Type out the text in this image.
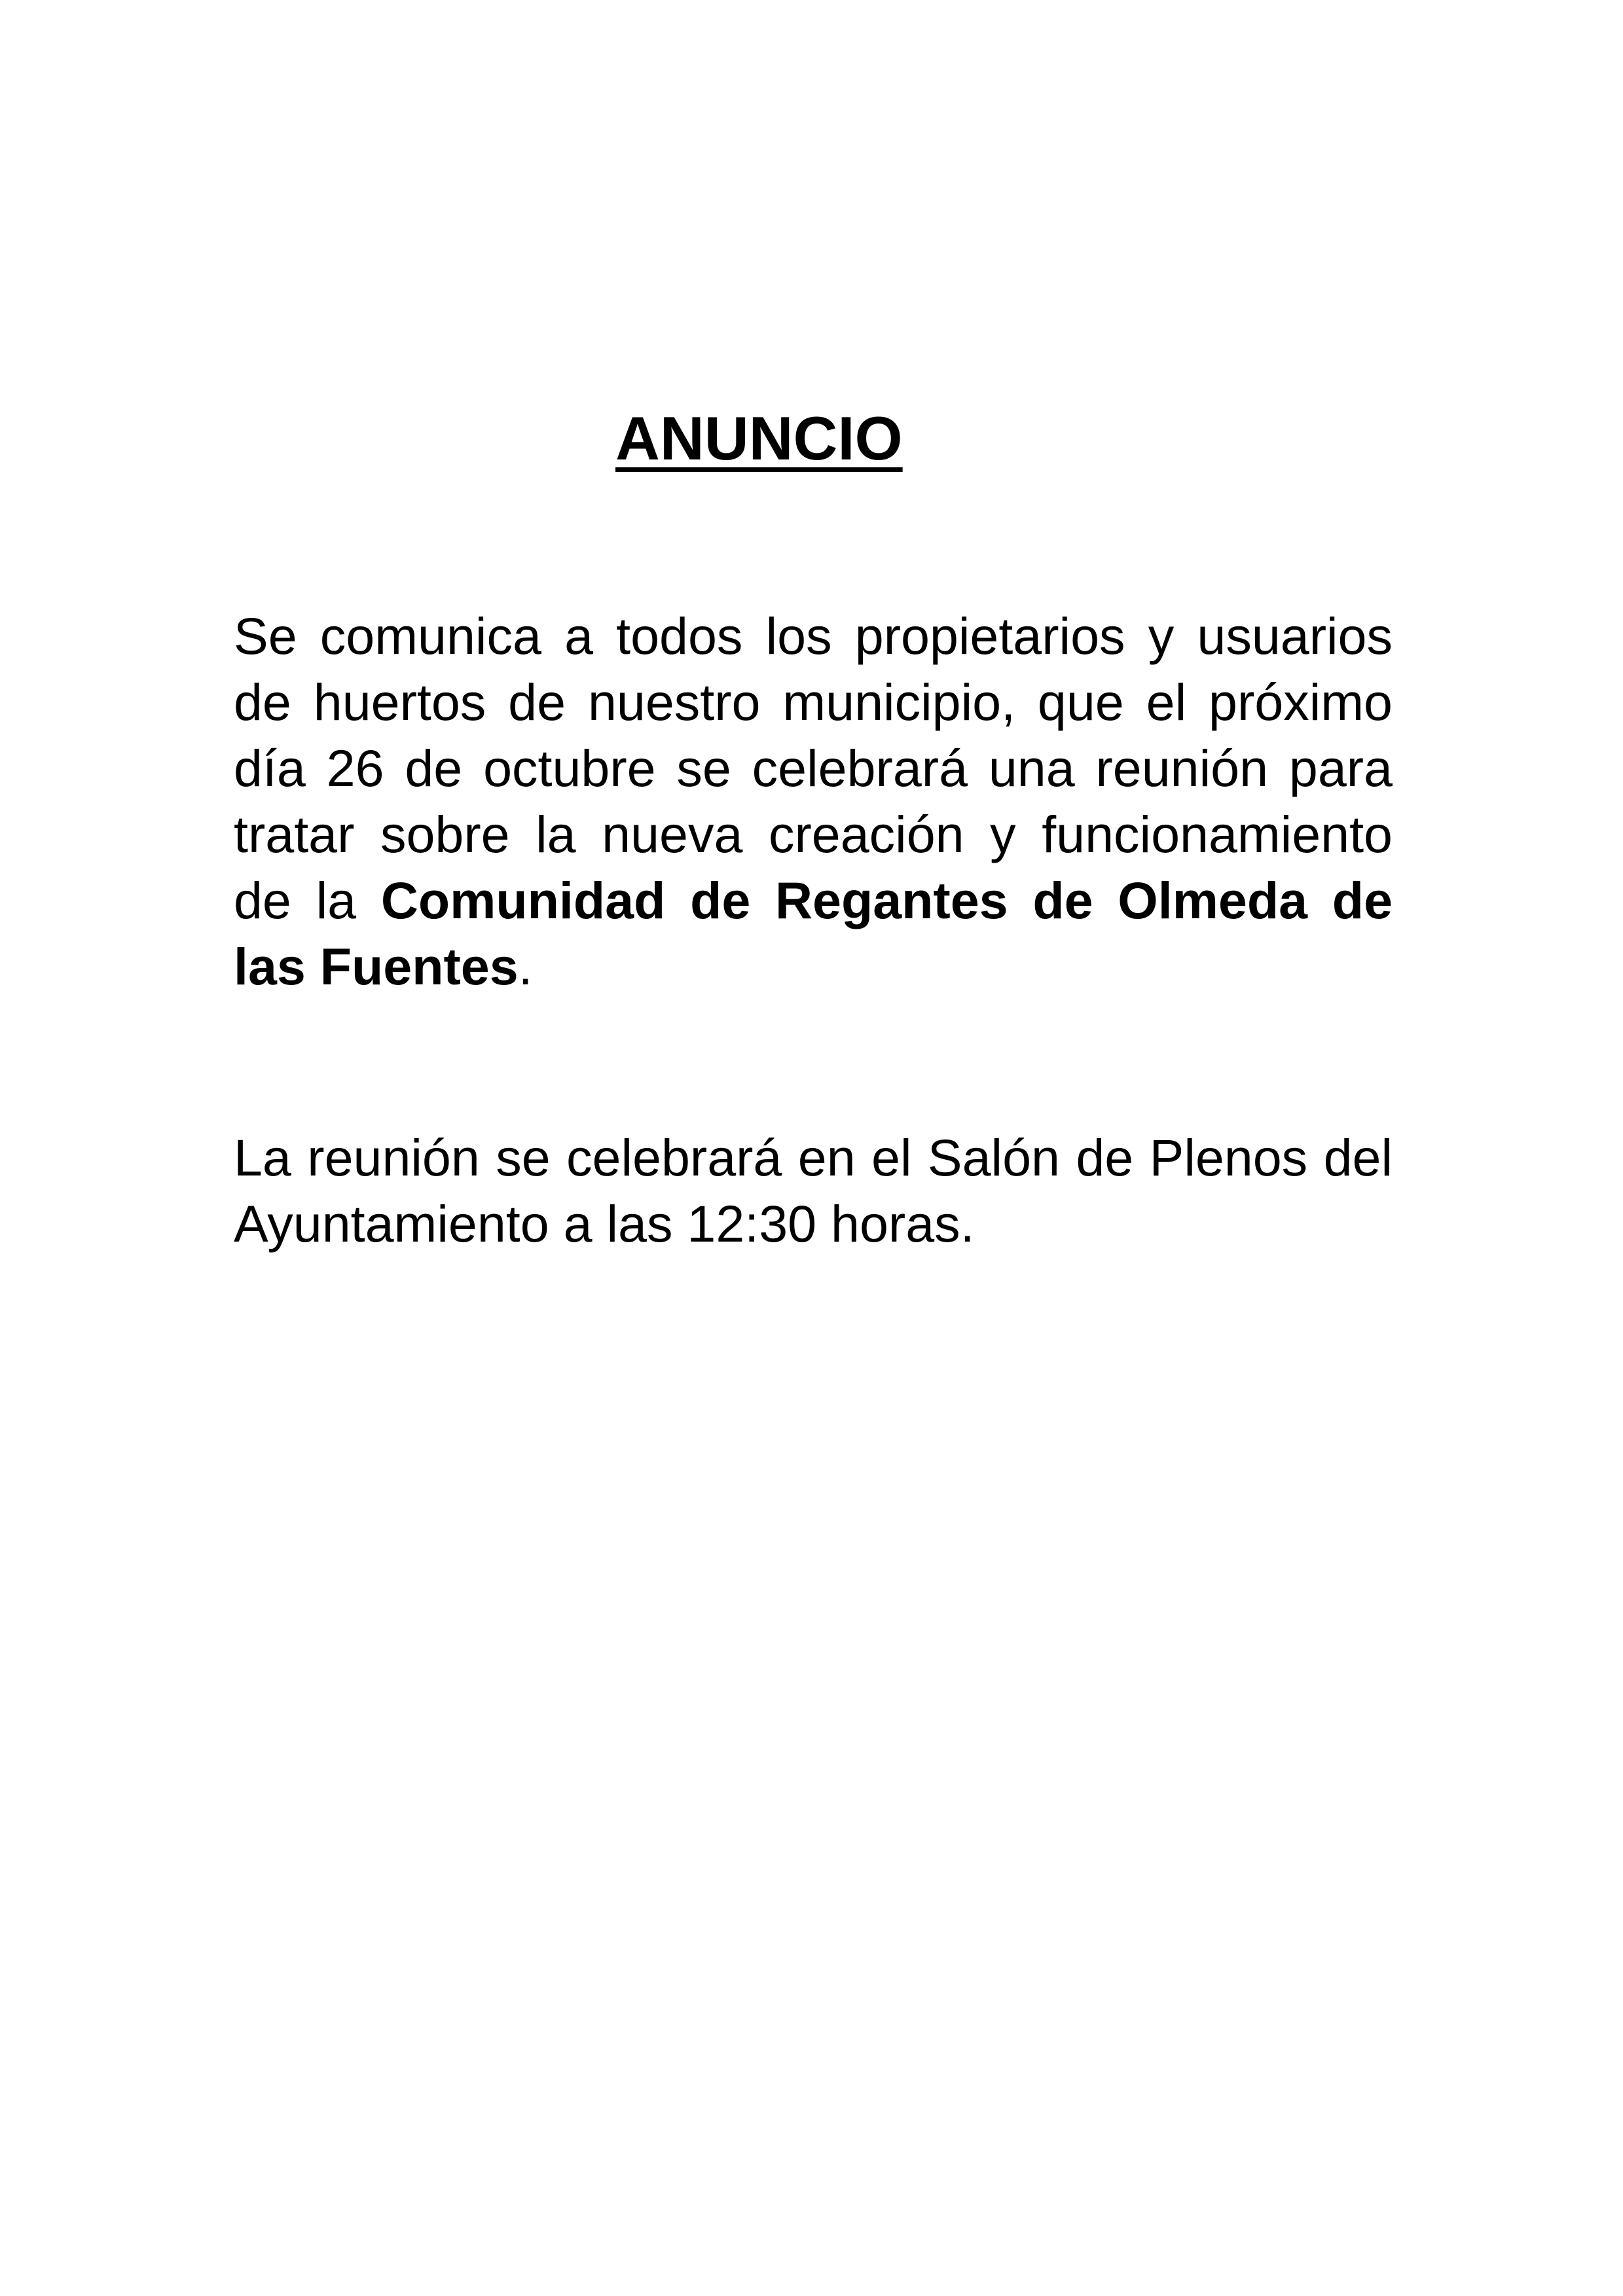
ANUNCIO

Se comunica a todos los propietarios y usuarios de huertos de nuestro municipio, que el próximo día 26 de octubre se celebrará una reunión para tratar sobre la nueva creación y funcionamiento de la Comunidad de Regantes de Olmeda de las Fuentes.

La reunión se celebrará en el Salón de Plenos del Ayuntamiento a las 12:30 horas.
